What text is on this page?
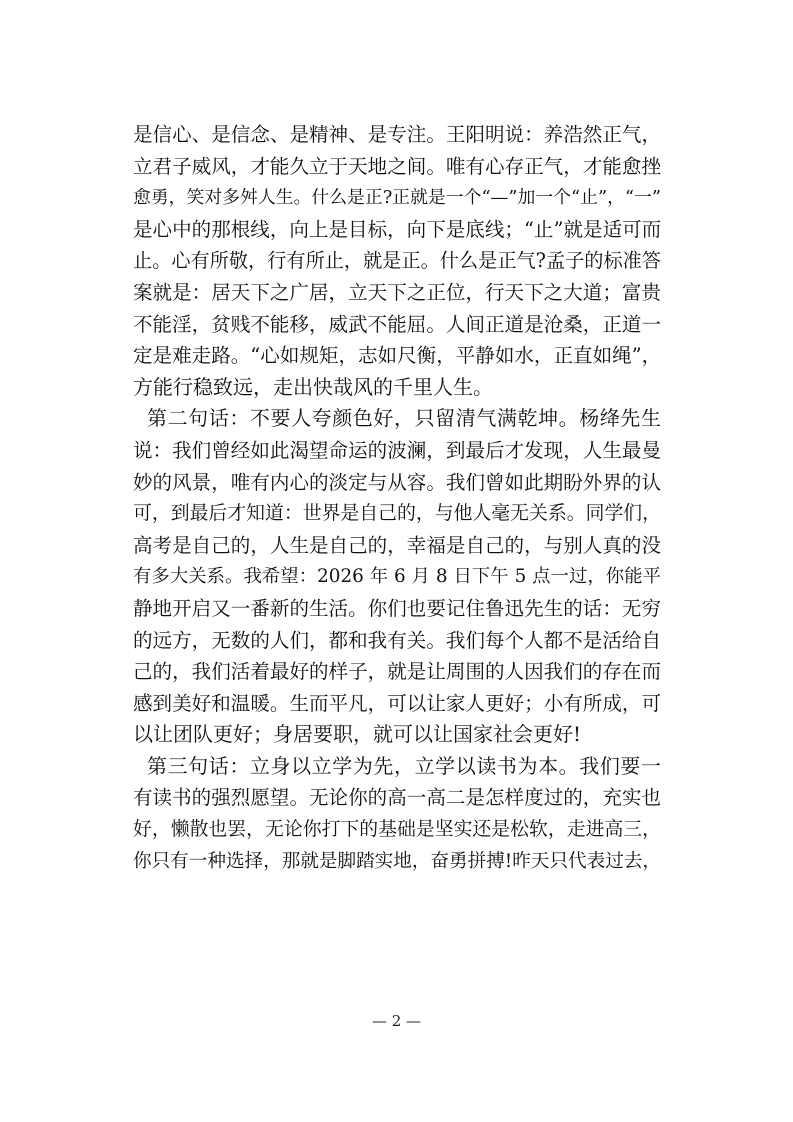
是信心、是信念、是精神、是专注。王阳明说：养浩然正气，
立君子威风，才能久立于天地之间。唯有心存正气，才能愈挫
愈勇，笑对多舛人生。什么是正?正就是一个“—”加一个“止”，“一”
是心中的那根线，向上是目标，向下是底线；“止”就是适可而
止。心有所敬，行有所止，就是正。什么是正气?孟子的标准答
案就是：居天下之广居，立天下之正位，行天下之大道；富贵
不能淫，贫贱不能移，威武不能屈。人间正道是沧桑，正道一
定是难走路。“心如规矩，志如尺衡，平静如水，正直如绳”，
方能行稳致远，走出快哉风的千里人生。
第二句话：不要人夸颜色好，只留清气满乾坤。杨绛先生
说：我们曾经如此渴望命运的波澜，到最后才发现，人生最曼
妙的风景，唯有内心的淡定与从容。我们曾如此期盼外界的认
可，到最后才知道：世界是自己的，与他人毫无关系。同学们，
高考是自己的，人生是自己的，幸福是自己的，与别人真的没
有多大关系。我希望：2026 年 6 月 8 日下午 5 点一过，你能平
静地开启又一番新的生活。你们也要记住鲁迅先生的话：无穷
的远方，无数的人们，都和我有关。我们每个人都不是活给自
己的，我们活着最好的样子，就是让周围的人因我们的存在而
感到美好和温暖。生而平凡，可以让家人更好；小有所成，可
以让团队更好；身居要职，就可以让国家社会更好!
第三句话：立身以立学为先，立学以读书为本。我们要一
有读书的强烈愿望。无论你的高一高二是怎样度过的，充实也
好，懒散也罢，无论你打下的基础是坚实还是松软，走进高三，
你只有一种选择，那就是脚踏实地，奋勇拼搏!昨天只代表过去，
— 2 —
